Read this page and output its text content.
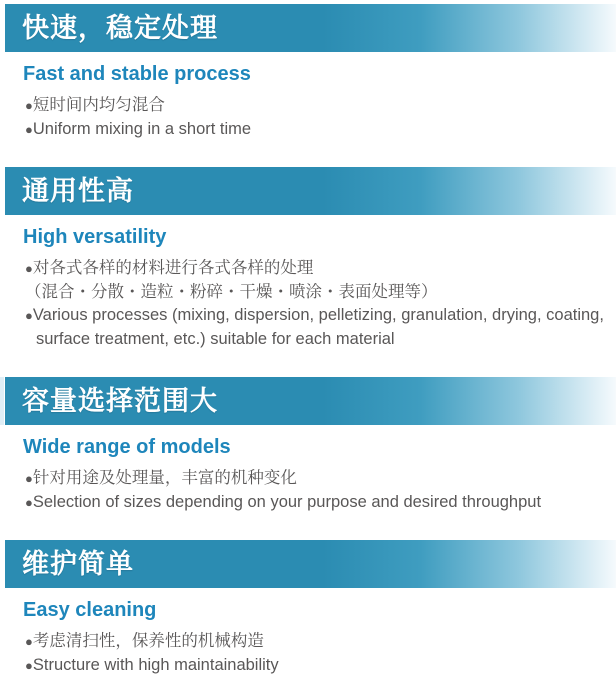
快速，稳定处理
Fast and stable process

●短时间内均匀混合

●Uniform mixing in a short time

通用性高
High versatility

●对各式各样的材料进行各式各样的处理

（混合・分散・造粒・粉碎・干燥・喷涂・表面处理等）

●Various processes (mixing, dispersion, pelletizing, granulation, drying, coating, surface treatment, etc.) suitable for each material

容量选择范围大
Wide range of models

●针对用途及处理量，丰富的机种变化

●Selection of sizes depending on your purpose and desired throughput

维护简单
Easy cleaning

●考虑清扫性，保养性的机械构造

●Structure with high maintainability
